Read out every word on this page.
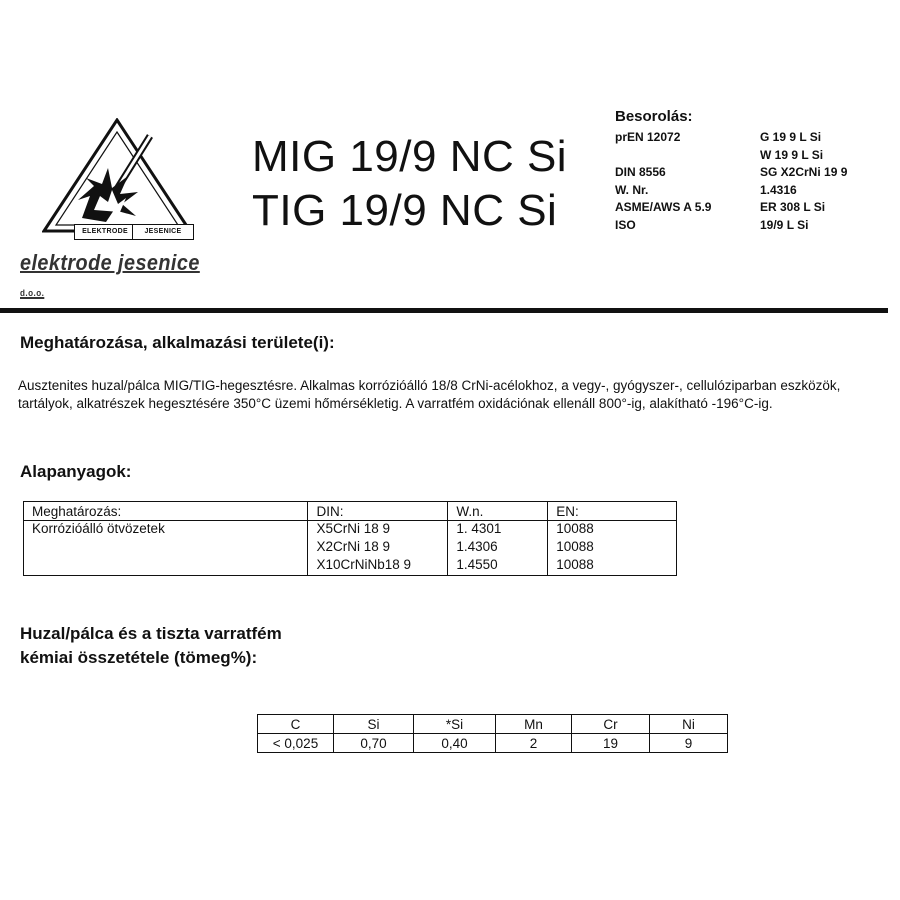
ELEKTRODE	JESENICE
elektrode jesenice d.o.o.
MIG 19/9 NC Si
TIG 19/9 NC Si
Besorolás:
prEN 12072	G 19 9 L Si
	W 19 9 L Si
DIN 8556	SG X2CrNi 19 9
W. Nr.	1.4316
ASME/AWS A 5.9	ER 308 L Si
ISO	19/9 L Si
Meghatározása, alkalmazási területe(i):
Ausztenites huzal/pálca MIG/TIG-hegesztésre. Alkalmas korrózióálló 18/8 CrNi-acélokhoz, a vegy-, gyógyszer-, cellulóziparban eszközök, tartályok, alkatrészek hegesztésére 350°C üzemi hőmérsékletig. A varratfém oxidációnak ellenáll 800°-ig, alakítható -196°C-ig.
Alapanyagok:
Meghatározás:	DIN:	W.n.	EN:
Korrózióálló ötvözetek	X5CrNi 18 9	1. 4301	10088
	X2CrNi 18 9	1.4306	10088
	X10CrNiNb18 9	1.4550	10088
Huzal/pálca és a tiszta varratfém
kémiai összetétele (tömeg%):
C	Si	*Si	Mn	Cr	Ni
< 0,025	0,70	0,40	2	19	9
